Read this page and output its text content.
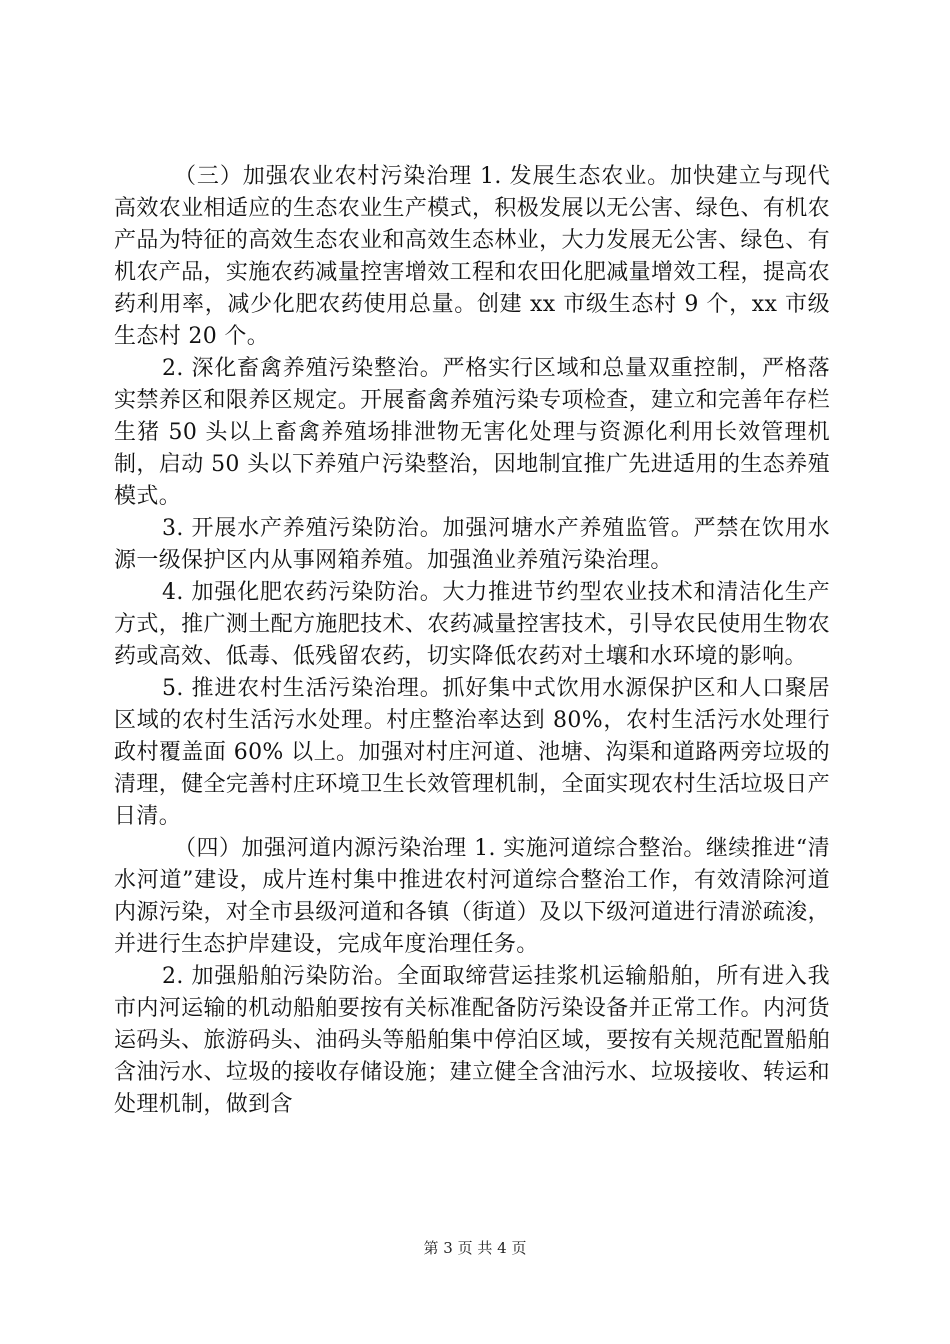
（三）加强农业农村污染治理 1. 发展生态农业。加快建立与现代高效农业相适应的生态农业生产模式，积极发展以无公害、绿色、有机农产品为特征的高效生态农业和高效生态林业，大力发展无公害、绿色、有机农产品，实施农药减量控害增效工程和农田化肥减量增效工程，提高农药利用率，减少化肥农药使用总量。创建 xx 市级生态村 9 个，xx 市级生态村 20 个。

2. 深化畜禽养殖污染整治。严格实行区域和总量双重控制，严格落实禁养区和限养区规定。开展畜禽养殖污染专项检查，建立和完善年存栏生猪 50 头以上畜禽养殖场排泄物无害化处理与资源化利用长效管理机制，启动 50 头以下养殖户污染整治，因地制宜推广先进适用的生态养殖模式。

3. 开展水产养殖污染防治。加强河塘水产养殖监管。严禁在饮用水源一级保护区内从事网箱养殖。加强渔业养殖污染治理。

4. 加强化肥农药污染防治。大力推进节约型农业技术和清洁化生产方式，推广测土配方施肥技术、农药减量控害技术，引导农民使用生物农药或高效、低毒、低残留农药，切实降低农药对土壤和水环境的影响。

5. 推进农村生活污染治理。抓好集中式饮用水源保护区和人口聚居区域的农村生活污水处理。村庄整治率达到 80%，农村生活污水处理行政村覆盖面 60% 以上。加强对村庄河道、池塘、沟渠和道路两旁垃圾的清理，健全完善村庄环境卫生长效管理机制，全面实现农村生活垃圾日产日清。

（四）加强河道内源污染治理 1. 实施河道综合整治。继续推进“清水河道”建设，成片连村集中推进农村河道综合整治工作，有效清除河道内源污染，对全市县级河道和各镇（街道）及以下级河道进行清淤疏浚，并进行生态护岸建设，完成年度治理任务。

2. 加强船舶污染防治。全面取缔营运挂浆机运输船舶，所有进入我市内河运输的机动船舶要按有关标准配备防污染设备并正常工作。内河货运码头、旅游码头、油码头等船舶集中停泊区域，要按有关规范配置船舶含油污水、垃圾的接收存储设施；建立健全含油污水、垃圾接收、转运和处理机制，做到含

第 3 页 共 4 页
